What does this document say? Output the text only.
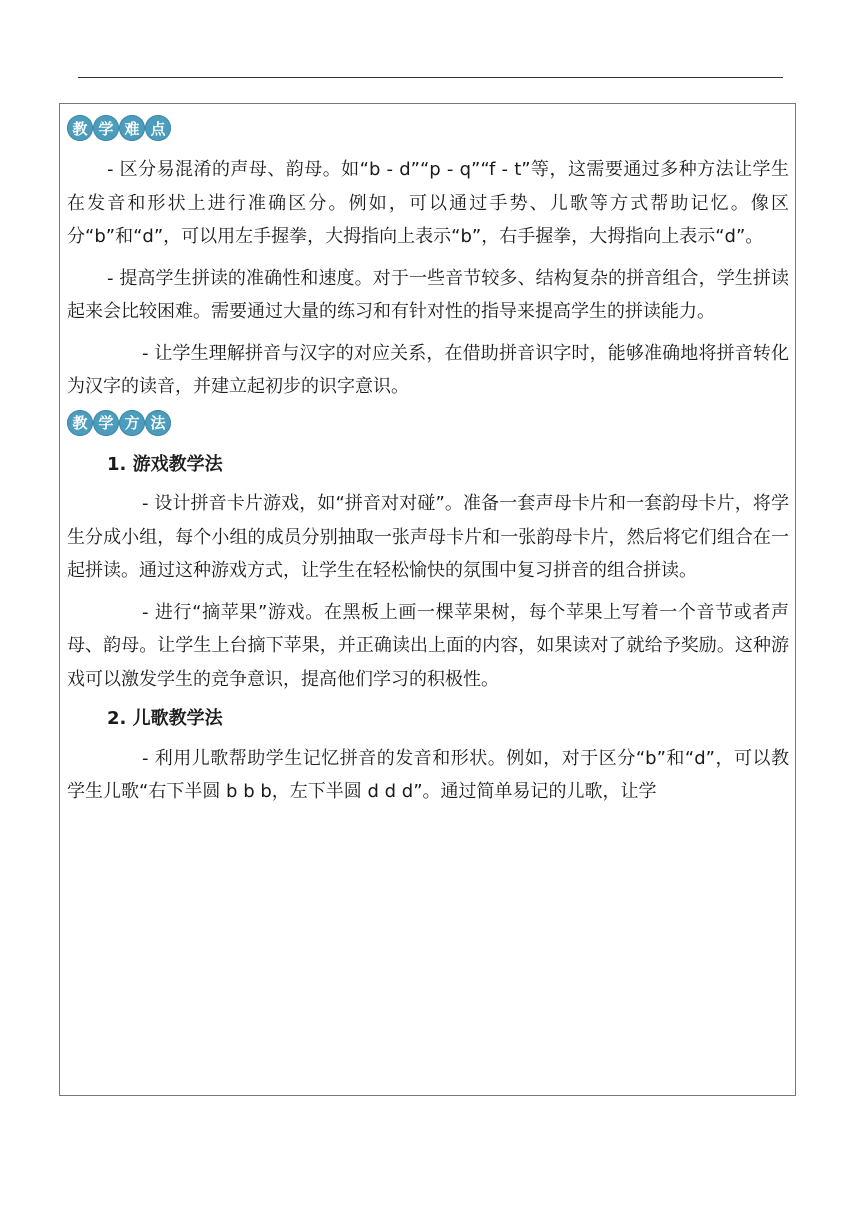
教 学 难 点

- 区分易混淆的声母、韵母。如“b - d”“p - q”“f - t”等，这需要通过多种方法让学生在发音和形状上进行准确区分。例如，可以通过手势、儿歌等方式帮助记忆。像区分“b”和“d”，可以用左手握拳，大拇指向上表示“b”，右手握拳，大拇指向上表示“d”。

- 提高学生拼读的准确性和速度。对于一些音节较多、结构复杂的拼音组合，学生拼读起来会比较困难。需要通过大量的练习和有针对性的指导来提高学生的拼读能力。

- 让学生理解拼音与汉字的对应关系，在借助拼音识字时，能够准确地将拼音转化为汉字的读音，并建立起初步的识字意识。

教 学 方 法
1. 游戏教学法

- 设计拼音卡片游戏，如“拼音对对碰”。准备一套声母卡片和一套韵母卡片，将学生分成小组，每个小组的成员分别抽取一张声母卡片和一张韵母卡片，然后将它们组合在一起拼读。通过这种游戏方式，让学生在轻松愉快的氛围中复习拼音的组合拼读。

- 进行“摘苹果”游戏。在黑板上画一棵苹果树，每个苹果上写着一个音节或者声母、韵母。让学生上台摘下苹果，并正确读出上面的内容，如果读对了就给予奖励。这种游戏可以激发学生的竞争意识，提高他们学习的积极性。

2. 儿歌教学法

- 利用儿歌帮助学生记忆拼音的发音和形状。例如，对于区分“b”和“d”，可以教学生儿歌“右下半圆 b b b，左下半圆 d d d”。通过简单易记的儿歌，让学
